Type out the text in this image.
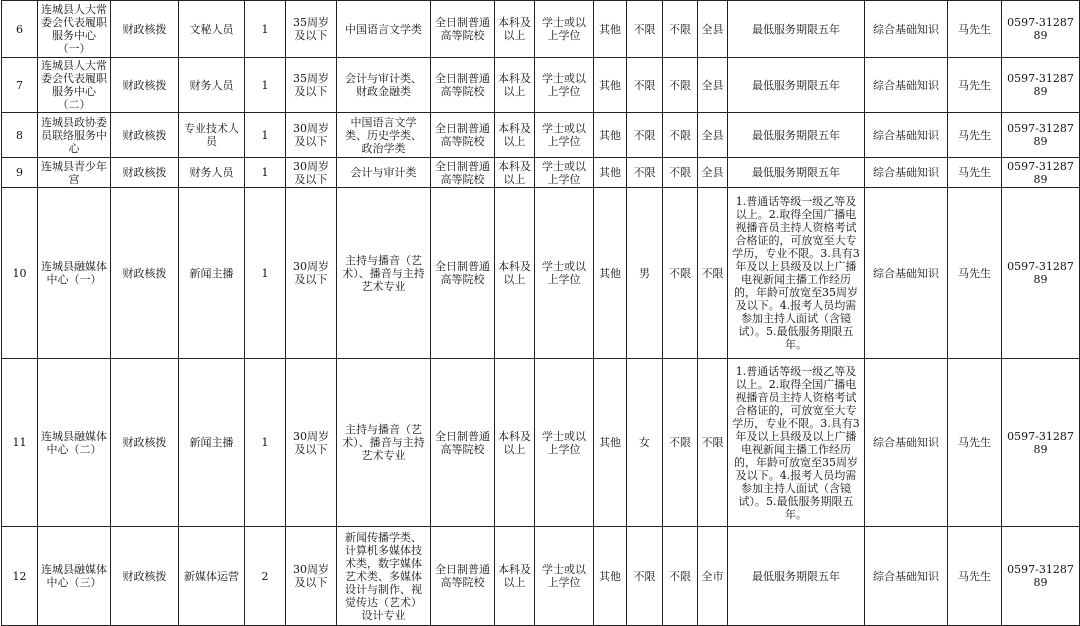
6	连城县人大常委会代表履职服务中心（一）	财政核拨	文秘人员	1	35周岁及以下	中国语言文学类	全日制普通高等院校	本科及以上	学士或以上学位	其他	不限	不限	全县	最低服务期限五年	综合基础知识	马先生	0597-3128789
7	连城县人大常委会代表履职服务中心（二）	财政核拨	财务人员	1	35周岁及以下	会计与审计类、财政金融类	全日制普通高等院校	本科及以上	学士或以上学位	其他	不限	不限	全县	最低服务期限五年	综合基础知识	马先生	0597-3128789
8	连城县政协委员联络服务中心	财政核拨	专业技术人员	1	30周岁及以下	中国语言文学类、历史学类、政治学类	全日制普通高等院校	本科及以上	学士或以上学位	其他	不限	不限	全县	最低服务期限五年	综合基础知识	马先生	0597-3128789
9	连城县青少年宫	财政核拨	财务人员	1	30周岁及以下	会计与审计类	全日制普通高等院校	本科及以上	学士或以上学位	其他	不限	不限	全县	最低服务期限五年	综合基础知识	马先生	0597-3128789
10	连城县融媒体中心（一）	财政核拨	新闻主播	1	30周岁及以下	主持与播音（艺术）、播音与主持艺术专业	全日制普通高等院校	本科及以上	学士或以上学位	其他	男	不限	不限	1.普通话等级一级乙等及以上。2.取得全国广播电视播音员主持人资格考试合格证的，可放宽至大专学历，专业不限。3.具有3年及以上县级及以上广播电视新闻主播工作经历的，年龄可放宽至35周岁及以下。4.报考人员均需参加主持人面试（含镜试）。5.最低服务期限五年。	综合基础知识	马先生	0597-3128789
11	连城县融媒体中心（二）	财政核拨	新闻主播	1	30周岁及以下	主持与播音（艺术）、播音与主持艺术专业	全日制普通高等院校	本科及以上	学士或以上学位	其他	女	不限	不限	1.普通话等级一级乙等及以上。2.取得全国广播电视播音员主持人资格考试合格证的，可放宽至大专学历，专业不限。3.具有3年及以上县级及以上广播电视新闻主播工作经历的，年龄可放宽至35周岁及以下。4.报考人员均需参加主持人面试（含镜试）。5.最低服务期限五年。	综合基础知识	马先生	0597-3128789
12	连城县融媒体中心（三）	财政核拨	新媒体运营	2	30周岁及以下	新闻传播学类、计算机多媒体技术类，数字媒体艺术类、多媒体设计与制作、视觉传达（艺术）设计专业	全日制普通高等院校	本科及以上	学士或以上学位	其他	不限	不限	全市	最低服务期限五年	综合基础知识	马先生	0597-3128789
